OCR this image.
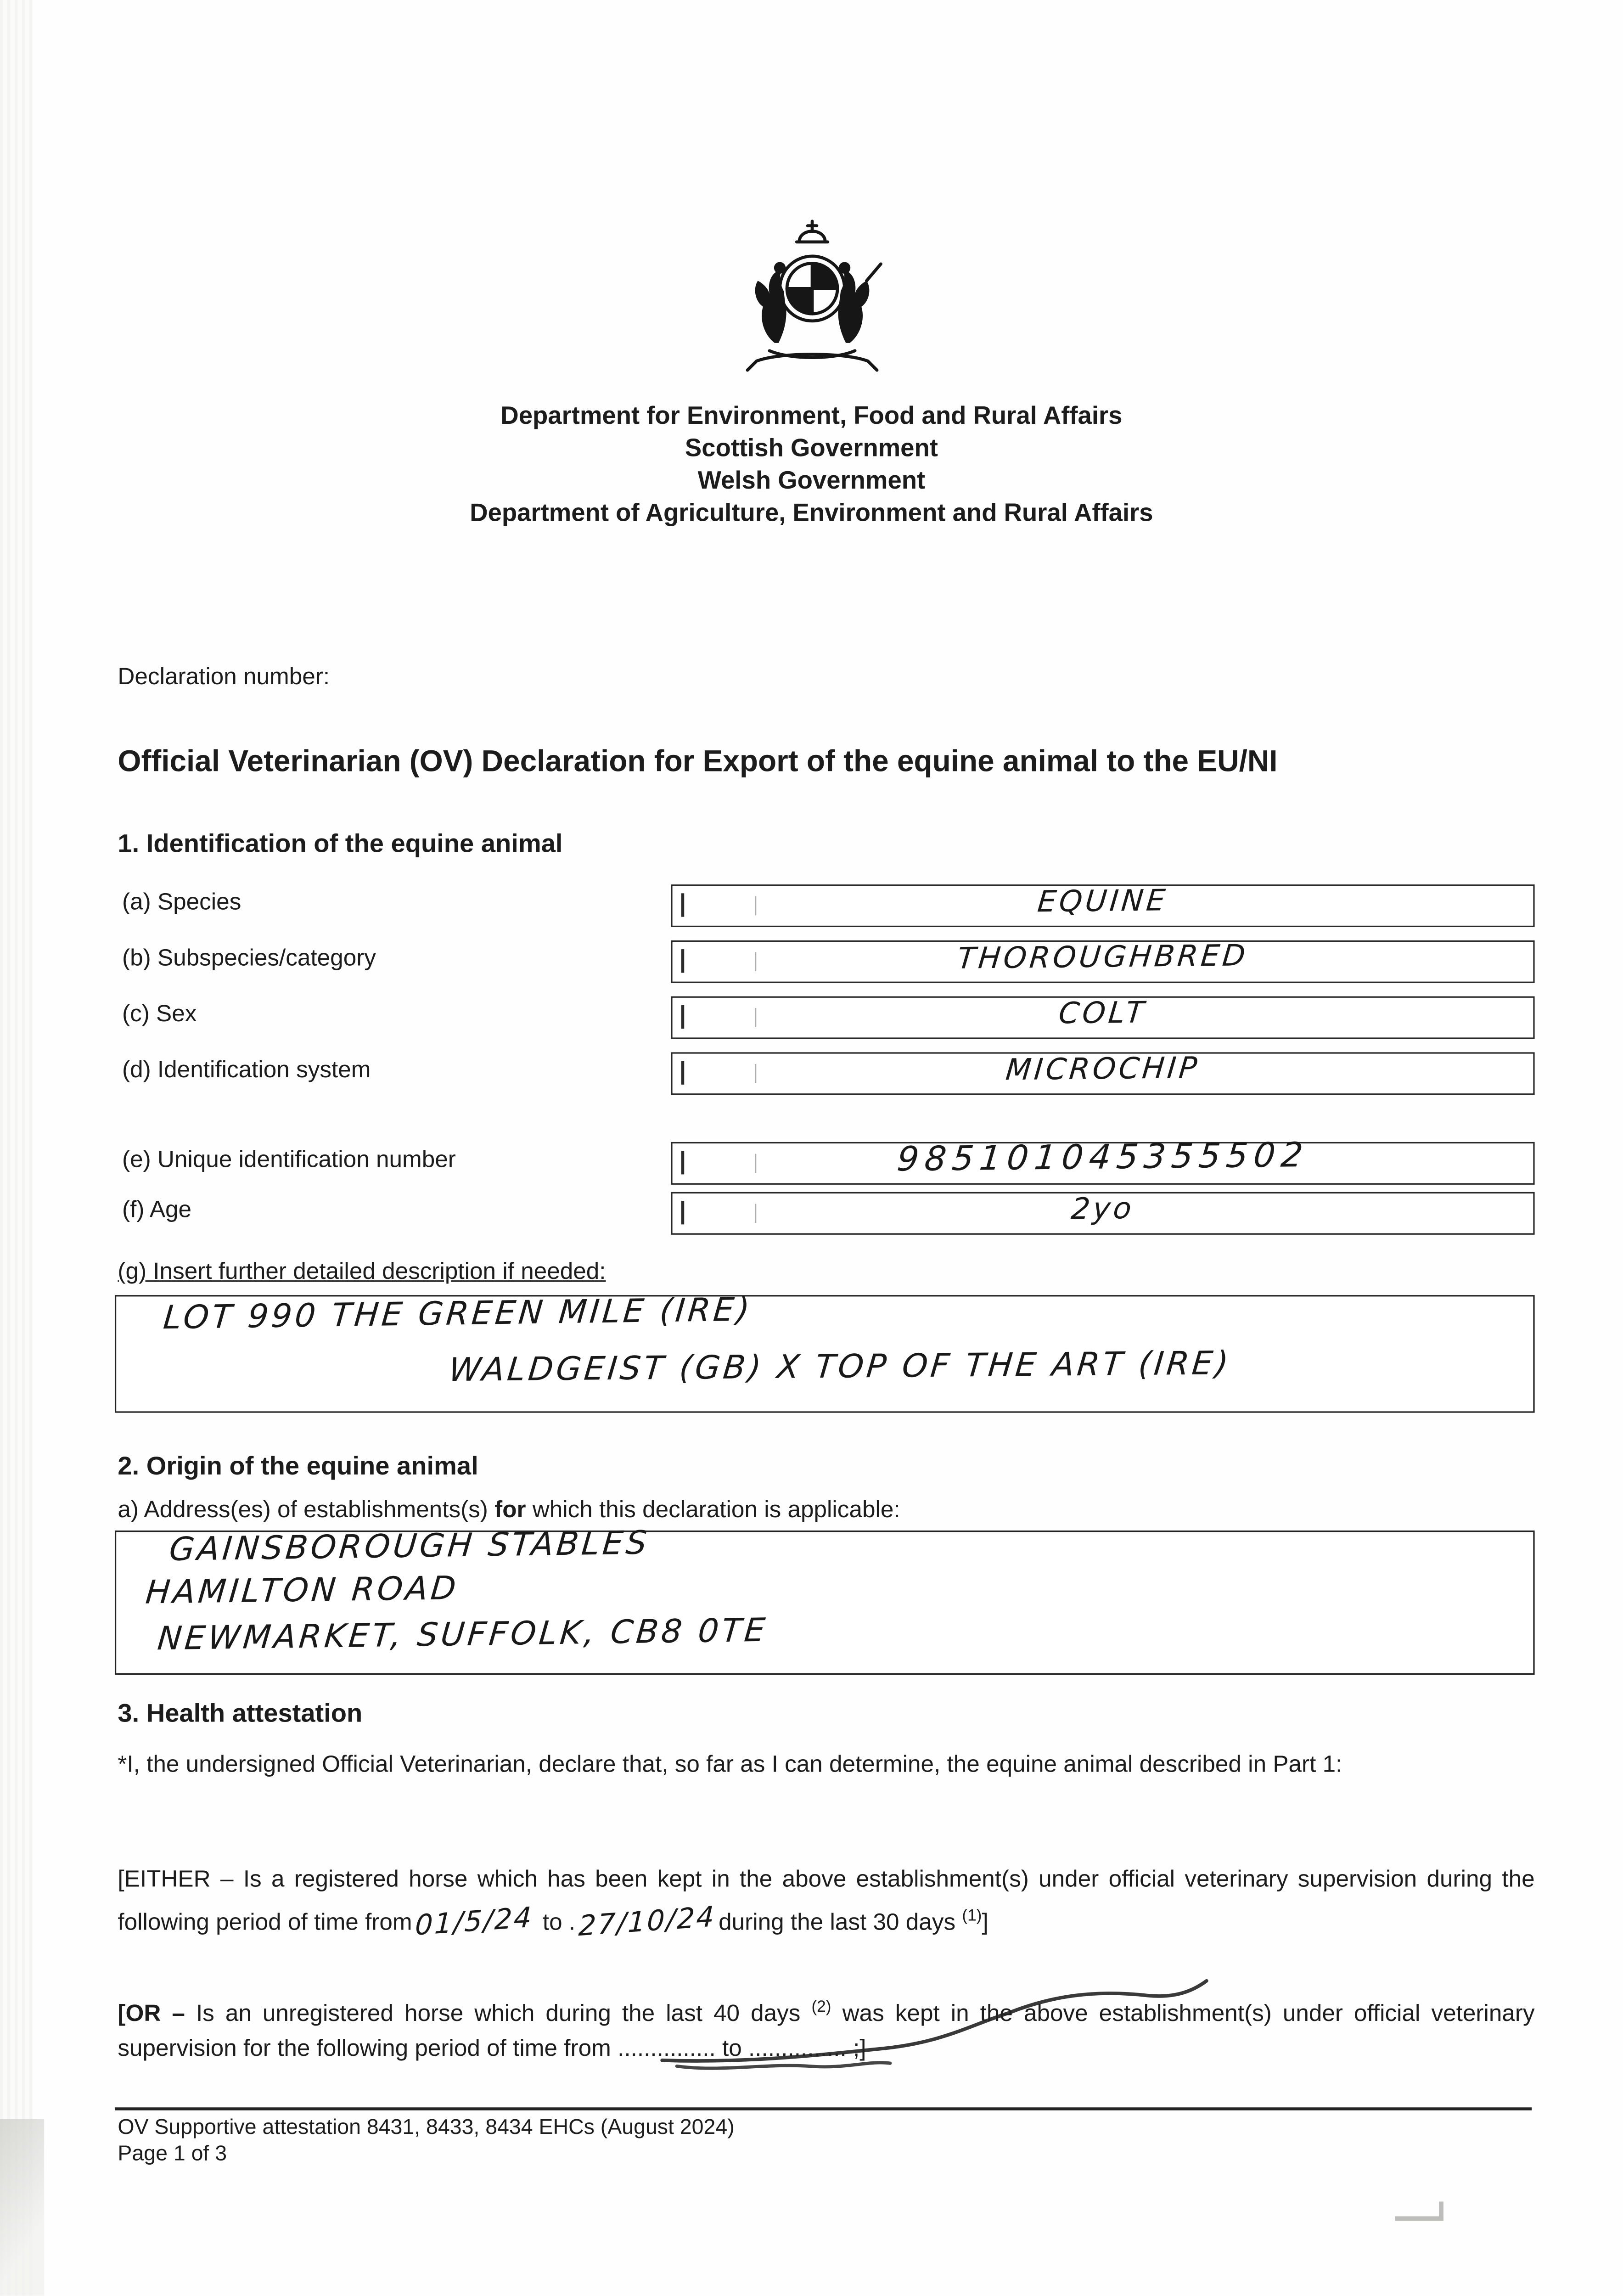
Department for Environment, Food and Rural Affairs
Scottish Government
Welsh Government
Department of Agriculture, Environment and Rural Affairs
Declaration number:
Official Veterinarian (OV) Declaration for Export of the equine animal to the EU/NI
1. Identification of the equine animal
(a) Species	EQUINE
(b) Subspecies/category	THOROUGHBRED
(c) Sex	COLT
(d) Identification system	MICROCHIP
(e) Unique identification number	985101045355502
(f) Age	2yo
(g) Insert further detailed description if needed:
LOT 990 THE GREEN MILE (IRE)
WALDGEIST (GB) X TOP OF THE ART (IRE)
2. Origin of the equine animal
a) Address(es) of establishments(s) for which this declaration is applicable:
GAINSBOROUGH STABLES
HAMILTON ROAD
NEWMARKET, SUFFOLK, CB8 0TE
3. Health attestation

*I, the undersigned Official Veterinarian, declare that, so far as I can determine, the equine animal described in Part 1:

[EITHER – Is a registered horse which has been kept in the above establishment(s) under official veterinary supervision during the following period of time from 01/5/24 to . 27/10/24 during the last 30 days $^{(1)}$]

[OR – Is an unregistered horse which during the last 40 days $^{(2)}$ was kept in the above establishment(s) under official veterinary supervision for the following period of time from ............... to ............... ;]

OV Supportive attestation 8431, 8433, 8434 EHCs (August 2024)
Page 1 of 3
